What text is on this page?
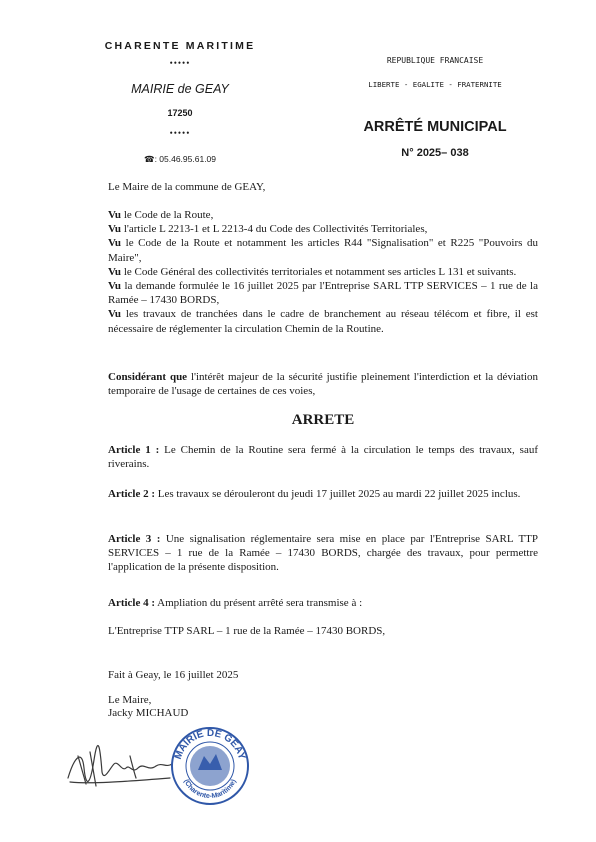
CHARENTE MARITIME
•••••
MAIRIE de GEAY
17250
•••••
☎: 05.46.95.61.09
REPUBLIQUE FRANCAISE
LIBERTE - EGALITE - FRATERNITE
ARRÊTÉ MUNICIPAL
N° 2025– 038
Le Maire de la commune de GEAY,

Vu le Code de la Route,

Vu l'article L 2213-1 et L 2213-4 du Code des Collectivités Territoriales,

Vu le Code de la Route et notamment les articles R44 "Signalisation" et R225 "Pouvoirs du Maire",

Vu le Code Général des collectivités territoriales et notamment ses articles L 131 et suivants.

Vu la demande formulée le 16 juillet 2025 par l'Entreprise SARL TTP SERVICES – 1 rue de la Ramée – 17430 BORDS,

Vu les travaux de tranchées dans le cadre de branchement au réseau télécom et fibre, il est nécessaire de réglementer la circulation Chemin de la Routine.

Considérant que l'intérêt majeur de la sécurité justifie pleinement l'interdiction et la déviation temporaire de l'usage de certaines de ces voies,

ARRETE

Article 1 : Le Chemin de la Routine sera fermé à la circulation le temps des travaux, sauf riverains.

Article 2 : Les travaux se dérouleront du jeudi 17 juillet 2025 au mardi 22 juillet 2025 inclus.

Article 3 : Une signalisation réglementaire sera mise en place par l'Entreprise SARL TTP SERVICES – 1 rue de la Ramée – 17430 BORDS, chargée des travaux, pour permettre l'application de la présente disposition.

Article 4 : Ampliation du présent arrêté sera transmise à :

L'Entreprise TTP SARL – 1 rue de la Ramée – 17430 BORDS,
Fait à Geay, le 16 juillet 2025

Le Maire,

Jacky MICHAUD

MAIRIE DE GEAY
(Charente-Maritime)
